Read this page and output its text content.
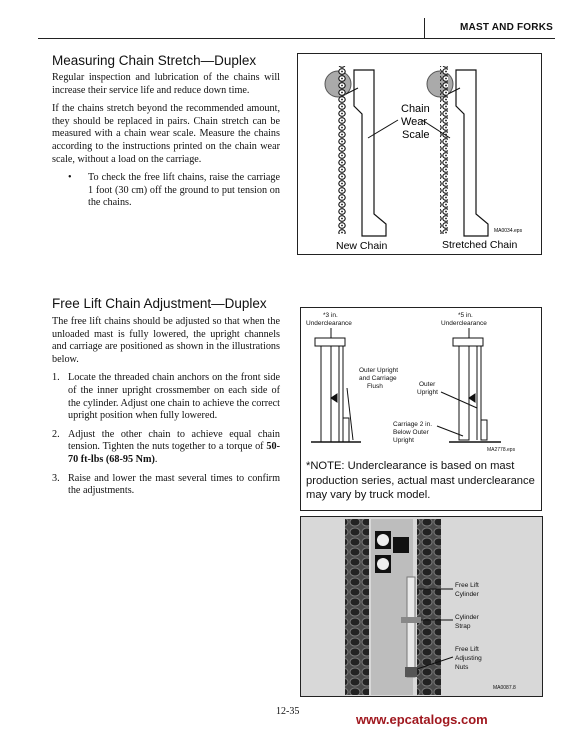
MAST AND FORKS
Measuring Chain Stretch—Duplex

Regular inspection and lubrication of the chains will increase their service life and reduce down time.

If the chains stretch beyond the recommended amount, they should be replaced in pairs. Chain stretch can be measured with a chain wear scale. Measure the chains according to the instructions printed on the chain wear scale, without a load on the carriage.

•	To check the free lift chains, raise the carriage 1 foot (30 cm) off the ground to put tension on the chains.
Chain
Wear
Scale
MA0034.eps
New Chain	Stretched Chain
Free Lift Chain Adjustment—Duplex

The free lift chains should be adjusted so that when the unloaded mast is fully lowered, the upright channels and carriage are positioned as shown in the illustrations below.

1. Locate the threaded chain anchors on the front side of the inner upright crossmember on each side of the cylinder. Adjust one chain to achieve the correct upright position when fully lowered.
2. Adjust the other chain to achieve equal chain tension. Tighten the nuts together to a torque of 50-70 ft-lbs (68-95 Nm).
3. Raise and lower the mast several times to confirm the adjustments.
*3 in.
Underclearance
*5 in.
Underclearance
Outer Upright
and Carriage
Flush	Outer
Upright
Carriage 2 in.
Below Outer
Upright
MA2778.eps
*NOTE: Underclearance is based on mast production series, actual mast underclearance may vary by truck model.
Free Lift
Cylinder
Cylinder
Strap
Free Lift
Adjusting
Nuts
MA0087.8
12-35
www.epcatalogs.com
